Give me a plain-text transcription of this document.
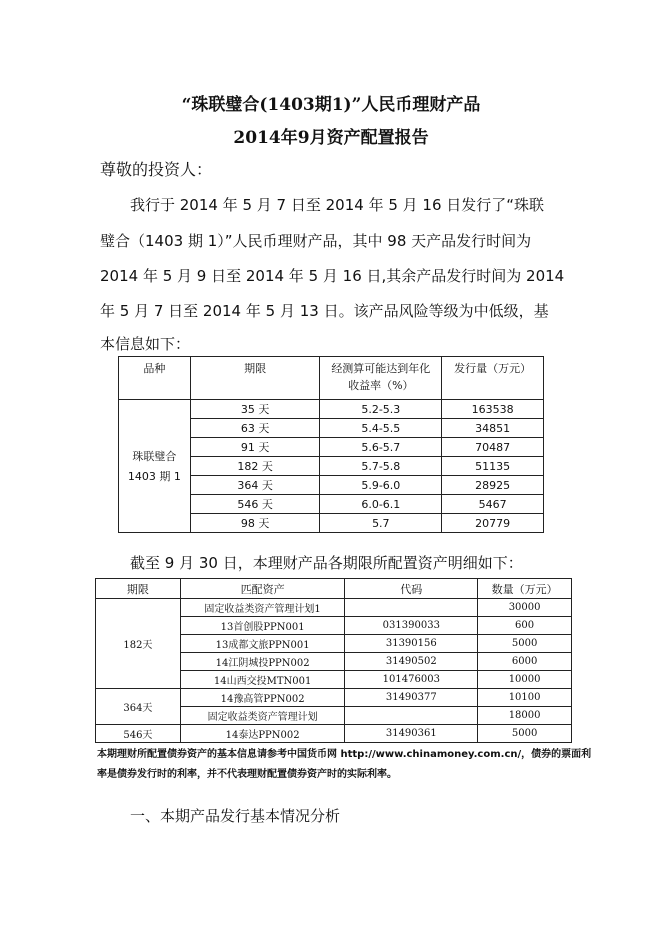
“珠联璧合(1403期1)”人民币理财产品
2014年9月资产配置报告
尊敬的投资人：
我行于 2014 年 5 月 7 日至 2014 年 5 月 16 日发行了“珠联
璧合（1403 期 1）”人民币理财产品，其中 98 天产品发行时间为
2014 年 5 月 9 日至 2014 年 5 月 16 日,其余产品发行时间为 2014
年 5 月 7 日至 2014 年 5 月 13 日。该产品风险等级为中低级，基
本信息如下：
品种	期限	经测算可能达到年化收益率（%）	发行量（万元）

珠联璧合
1403 期 1	35 天	5.2-5.3	163538
	63 天	5.4-5.5	34851
	91 天	5.6-5.7	70487
	182 天	5.7-5.8	51135
	364 天	5.9-6.0	28925
	546 天	6.0-6.1	5467
	98 天	5.7	20779
截至 9 月 30 日，本理财产品各期限所配置资产明细如下：
期限	匹配资产	代码	数量（万元）
182天	固定收益类资产管理计划1		30000
	13首创股PPN001	031390033	600
	13成都文旅PPN001	31390156	5000
	14江阴城投PPN002	31490502	6000
	14山西交投MTN001	101476003	10000
364天	14豫高管PPN002	31490377	10100
	固定收益类资产管理计划		18000
546天	14泰达PPN002	31490361	5000
本期理财所配置债券资产的基本信息请参考中国货币网 http://www.chinamoney.com.cn/，债券的票面利
率是债券发行时的利率，并不代表理财配置债券资产时的实际利率。
一、本期产品发行基本情况分析
